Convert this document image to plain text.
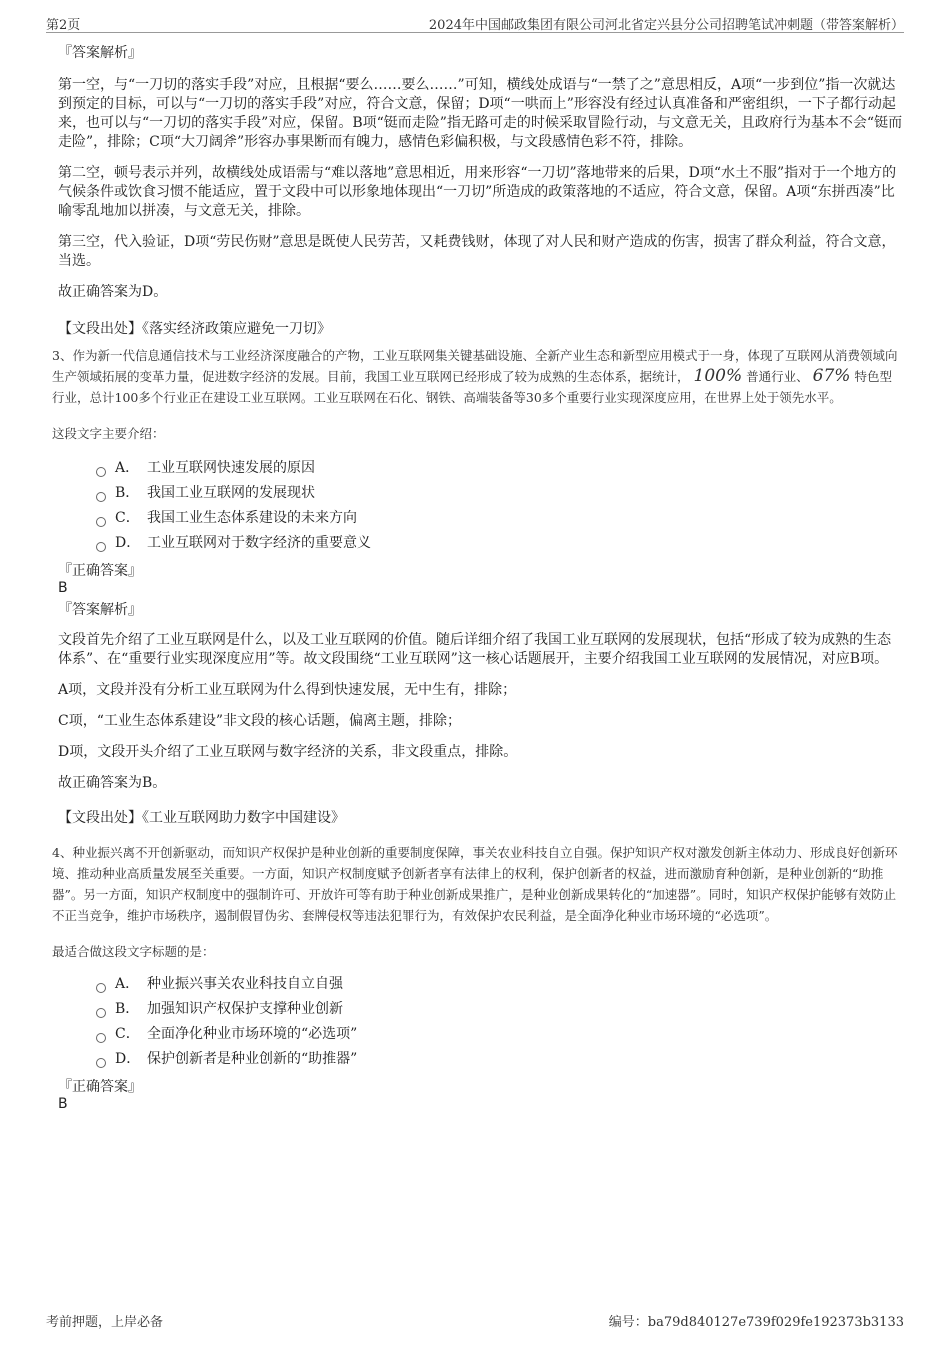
第2页	2024年中国邮政集团有限公司河北省定兴县分公司招聘笔试冲刺题（带答案解析）
『答案解析』

第一空，与“一刀切的落实手段”对应，且根据“要么……要么……”可知，横线处成语与“一禁了之”意思相反，A项“一步到位”指一次就达到预定的目标，可以与“一刀切的落实手段”对应，符合文意，保留；D项“一哄而上”形容没有经过认真准备和严密组织，一下子都行动起来，也可以与“一刀切的落实手段”对应，保留。B项“铤而走险”指无路可走的时候采取冒险行动，与文意无关，且政府行为基本不会“铤而走险”，排除；C项“大刀阔斧”形容办事果断而有魄力，感情色彩偏积极，与文段感情色彩不符，排除。

第二空，顿号表示并列，故横线处成语需与“难以落地”意思相近，用来形容“一刀切”落地带来的后果，D项“水土不服”指对于一个地方的气候条件或饮食习惯不能适应，置于文段中可以形象地体现出“一刀切”所造成的政策落地的不适应，符合文意，保留。A项“东拼西凑”比喻零乱地加以拼凑，与文意无关，排除。

第三空，代入验证，D项“劳民伤财”意思是既使人民劳苦，又耗费钱财，体现了对人民和财产造成的伤害，损害了群众利益，符合文意，当选。

故正确答案为D。

【文段出处】《落实经济政策应避免一刀切》

3、作为新一代信息通信技术与工业经济深度融合的产物，工业互联网集关键基础设施、全新产业生态和新型应用模式于一身，体现了互联网从消费领域向生产领域拓展的变革力量，促进数字经济的发展。目前，我国工业互联网已经形成了较为成熟的生态体系，据统计， 100% 普通行业、 67% 特色型行业，总计100多个行业正在建设工业互联网。工业互联网在石化、钢铁、高端装备等30多个重要行业实现深度应用，在世界上处于领先水平。

这段文字主要介绍：
A． 工业互联网快速发展的原因
B． 我国工业互联网的发展现状
C． 我国工业生态体系建设的未来方向
D． 工业互联网对于数字经济的重要意义
『正确答案』
B
『答案解析』

文段首先介绍了工业互联网是什么，以及工业互联网的价值。随后详细介绍了我国工业互联网的发展现状，包括“形成了较为成熟的生态体系”、在“重要行业实现深度应用”等。故文段围绕“工业互联网”这一核心话题展开，主要介绍我国工业互联网的发展情况，对应B项。

A项，文段并没有分析工业互联网为什么得到快速发展，无中生有，排除；

C项，“工业生态体系建设”非文段的核心话题，偏离主题，排除；

D项，文段开头介绍了工业互联网与数字经济的关系，非文段重点，排除。

故正确答案为B。

【文段出处】《工业互联网助力数字中国建设》

4、种业振兴离不开创新驱动，而知识产权保护是种业创新的重要制度保障，事关农业科技自立自强。保护知识产权对激发创新主体动力、形成良好创新环境、推动种业高质量发展至关重要。一方面，知识产权制度赋予创新者享有法律上的权利，保护创新者的权益，进而激励育种创新，是种业创新的“助推器”。另一方面，知识产权制度中的强制许可、开放许可等有助于种业创新成果推广，是种业创新成果转化的“加速器”。同时，知识产权保护能够有效防止不正当竞争，维护市场秩序，遏制假冒伪劣、套牌侵权等违法犯罪行为，有效保护农民利益，是全面净化种业市场环境的“必选项”。

最适合做这段文字标题的是：
A． 种业振兴事关农业科技自立自强
B． 加强知识产权保护支撑种业创新
C． 全面净化种业市场环境的“必选项”
D． 保护创新者是种业创新的“助推器”
『正确答案』
B
考前押题，上岸必备	编号：ba79d840127e739f029fe192373b3133
